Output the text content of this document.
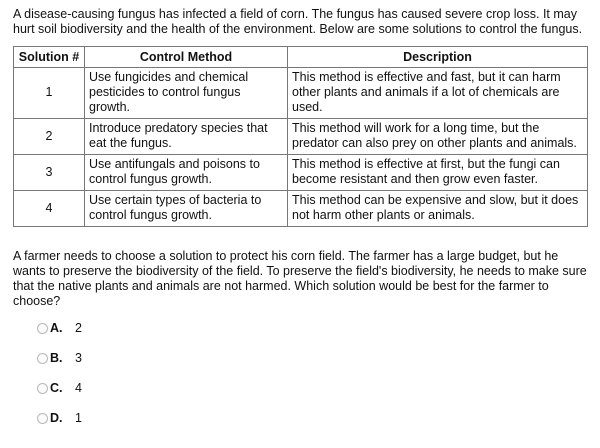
A disease-causing fungus has infected a field of corn. The fungus has caused severe crop loss. It may hurt soil biodiversity and the health of the environment. Below are some solutions to control the fungus.

Solution #	Control Method	Description
1	Use fungicides and chemical pesticides to control fungus growth.	This method is effective and fast, but it can harm other plants and animals if a lot of chemicals are used.
2	Introduce predatory species that eat the fungus.	This method will work for a long time, but the predator can also prey on other plants and animals.
3	Use antifungals and poisons to control fungus growth.	This method is effective at first, but the fungi can become resistant and then grow even faster.
4	Use certain types of bacteria to control fungus growth.	This method can be expensive and slow, but it does not harm other plants or animals.

A farmer needs to choose a solution to protect his corn field. The farmer has a large budget, but he wants to preserve the biodiversity of the field. To preserve the field's biodiversity, he needs to make sure that the native plants and animals are not harmed. Which solution would be best for the farmer to choose?

A.	2
B.	3
C.	4
D.	1
